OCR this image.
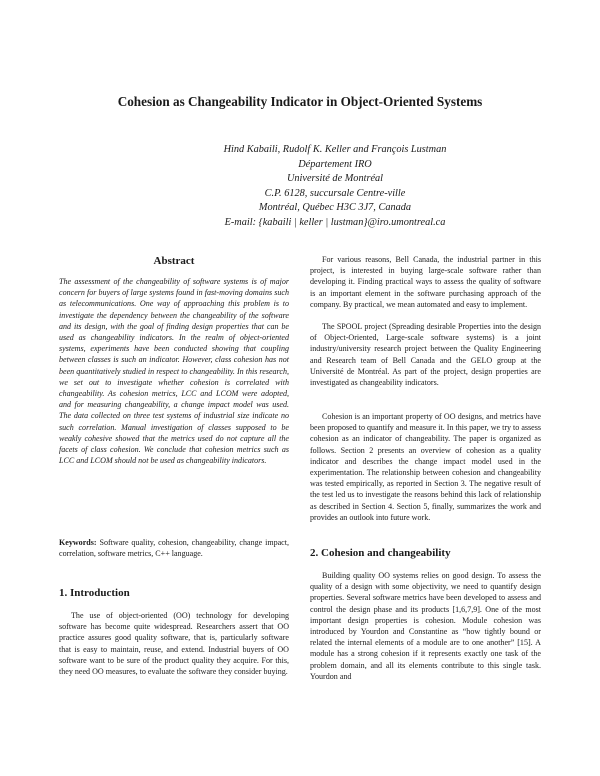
Cohesion as Changeability Indicator in Object-Oriented Systems
Hind Kabaili, Rudolf K. Keller and François Lustman
Département IRO
Université de Montréal
C.P. 6128, succursale Centre-ville
Montréal, Québec H3C 3J7, Canada
E-mail: {kabaili | keller | lustman}@iro.umontreal.ca
Abstract
The assessment of the changeability of software systems is of major concern for buyers of large systems found in fast-moving domains such as telecommunications. One way of approaching this problem is to investigate the dependency between the changeability of the software and its design, with the goal of finding design properties that can be used as changeability indicators. In the realm of object-oriented systems, experiments have been conducted showing that coupling between classes is such an indicator. However, class cohesion has not been quantitatively studied in respect to changeability. In this research, we set out to investigate whether cohesion is correlated with changeability. As cohesion metrics, LCC and LCOM were adopted, and for measuring changeability, a change impact model was used. The data collected on three test systems of industrial size indicate no such correlation. Manual investigation of classes supposed to be weakly cohesive showed that the metrics used do not capture all the facets of class cohesion. We conclude that cohesion metrics such as LCC and LCOM should not be used as changeability indicators.
Keywords: Software quality, cohesion, changeability, change impact, correlation, software metrics, C++ language.
1. Introduction
The use of object-oriented (OO) technology for developing software has become quite widespread. Researchers assert that OO practice assures good quality software, that is, particularly software that is easy to maintain, reuse, and extend. Industrial buyers of OO software want to be sure of the product quality they acquire. For this, they need OO measures, to evaluate the software they consider buying.

For various reasons, Bell Canada, the industrial partner in this project, is interested in buying large-scale software rather than developing it. Finding practical ways to assess the quality of software is an important element in the software purchasing approach of the company. By practical, we mean automated and easy to implement.

The SPOOL project (Spreading desirable Properties into the design of Object-Oriented, Large-scale software systems) is a joint industry/university research project between the Quality Engineering and Research team of Bell Canada and the GELO group at the Université de Montréal. As part of the project, design properties are investigated as changeability indicators.

Cohesion is an important property of OO designs, and metrics have been proposed to quantify and measure it. In this paper, we try to assess cohesion as an indicator of changeability. The paper is organized as follows. Section 2 presents an overview of cohesion as a quality indicator and describes the change impact model used in the experimentation. The relationship between cohesion and changeability was tested empirically, as reported in Section 3. The negative result of the test led us to investigate the reasons behind this lack of relationship as described in Section 4. Section 5, finally, summarizes the work and provides an outlook into future work.

2. Cohesion and changeability

Building quality OO systems relies on good design. To assess the quality of a design with some objectivity, we need to quantify design properties. Several software metrics have been developed to assess and control the design phase and its products [1,6,7,9]. One of the most important design properties is cohesion. Module cohesion was introduced by Yourdon and Constantine as “how tightly bound or related the internal elements of a module are to one another” [15]. A module has a strong cohesion if it represents exactly one task of the problem domain, and all its elements contribute to this single task. Yourdon and
